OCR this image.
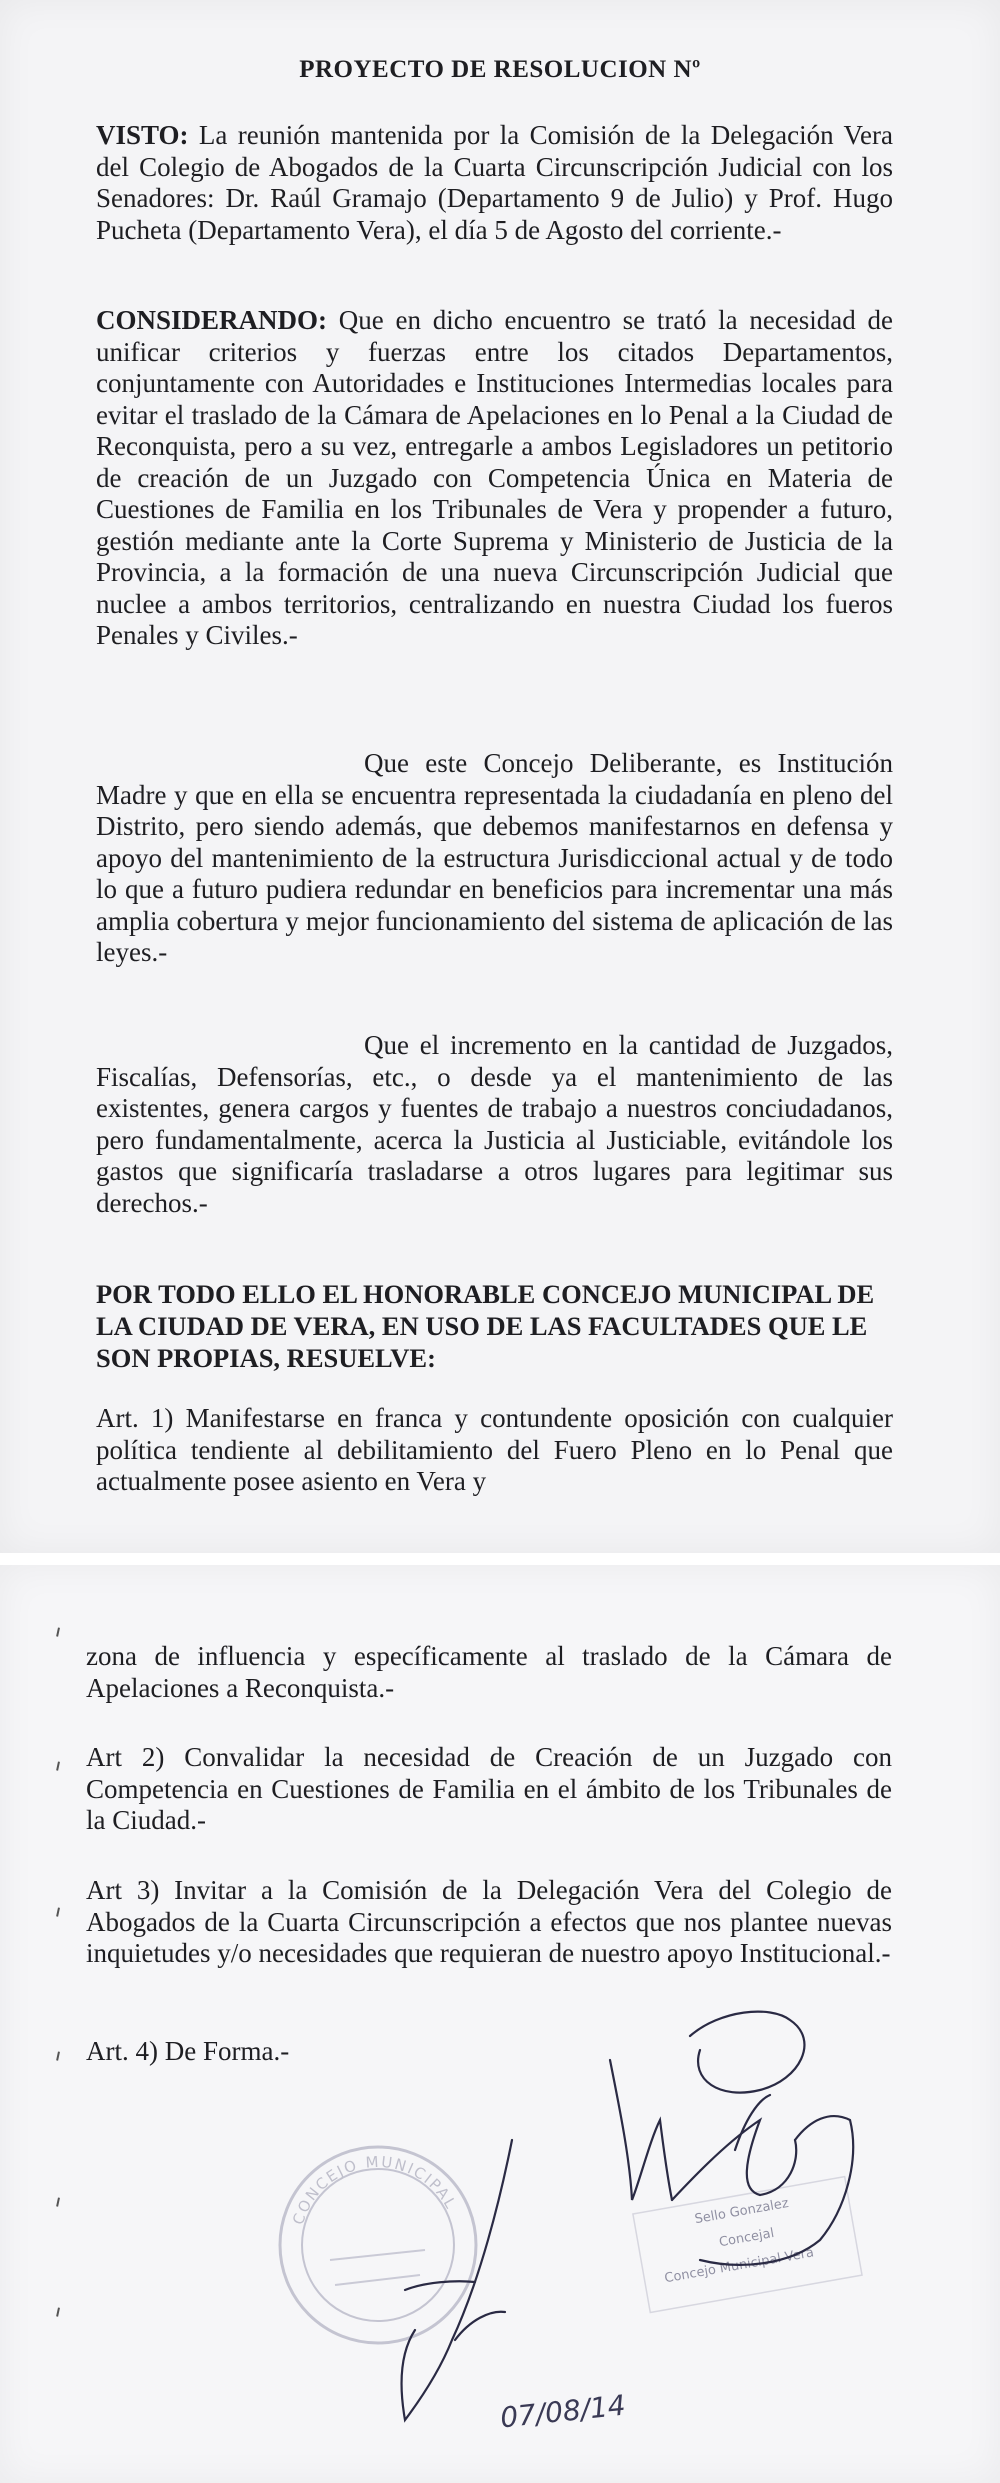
PROYECTO DE RESOLUCION Nº
VISTO: La reunión mantenida por la Comisión de la Delegación Vera del Colegio de Abogados de la Cuarta Circunscripción Judicial con los Senadores: Dr. Raúl Gramajo (Departamento 9 de Julio) y Prof. Hugo Pucheta (Departamento Vera), el día 5 de Agosto del corriente.-
CONSIDERANDO: Que en dicho encuentro se trató la necesidad de unificar criterios y fuerzas entre los citados Departamentos, conjuntamente con Autoridades e Instituciones Intermedias locales para evitar el traslado de la Cámara de Apelaciones en lo Penal a la Ciudad de Reconquista, pero a su vez, entregarle a ambos Legisladores un petitorio de creación de un Juzgado con Competencia Única en Materia de Cuestiones de Familia en los Tribunales de Vera y propender a futuro, gestión mediante ante la Corte Suprema y Ministerio de Justicia de la Provincia, a la formación de una nueva Circunscripción Judicial que nuclee a ambos territorios, centralizando en nuestra Ciudad los fueros Penales y Civiles.-
Que este Concejo Deliberante, es Institución Madre y que en ella se encuentra representada la ciudadanía en pleno del Distrito, pero siendo además, que debemos manifestarnos en defensa y apoyo del mantenimiento de la estructura Jurisdiccional actual y de todo lo que a futuro pudiera redundar en beneficios para incrementar una más amplia cobertura y mejor funcionamiento del sistema de aplicación de las leyes.-
Que el incremento en la cantidad de Juzgados, Fiscalías, Defensorías, etc., o desde ya el mantenimiento de las existentes, genera cargos y fuentes de trabajo a nuestros conciudadanos, pero fundamentalmente, acerca la Justicia al Justiciable, evitándole los gastos que significaría trasladarse a otros lugares para legitimar sus derechos.-
POR TODO ELLO EL HONORABLE CONCEJO MUNICIPAL DE LA CIUDAD DE VERA, EN USO DE LAS FACULTADES QUE LE SON PROPIAS, RESUELVE:
Art. 1) Manifestarse en franca y contundente oposición con cualquier política tendiente al debilitamiento del Fuero Pleno en lo Penal que actualmente posee asiento en Vera y
zona de influencia y específicamente al traslado de la Cámara de Apelaciones a Reconquista.-
Art 2) Convalidar la necesidad de Creación de un Juzgado con Competencia en Cuestiones de Familia en el ámbito de los Tribunales de la Ciudad.-
Art 3) Invitar a la Comisión de la Delegación Vera del Colegio de Abogados de la Cuarta Circunscripción a efectos que nos plantee nuevas inquietudes y/o necesidades que requieran de nuestro apoyo Institucional.-
Art. 4) De Forma.-
CONCEJO MUNICIPAL	Sello Gonzalez
Concejal
Concejo Municipal Vera
07/08/14
